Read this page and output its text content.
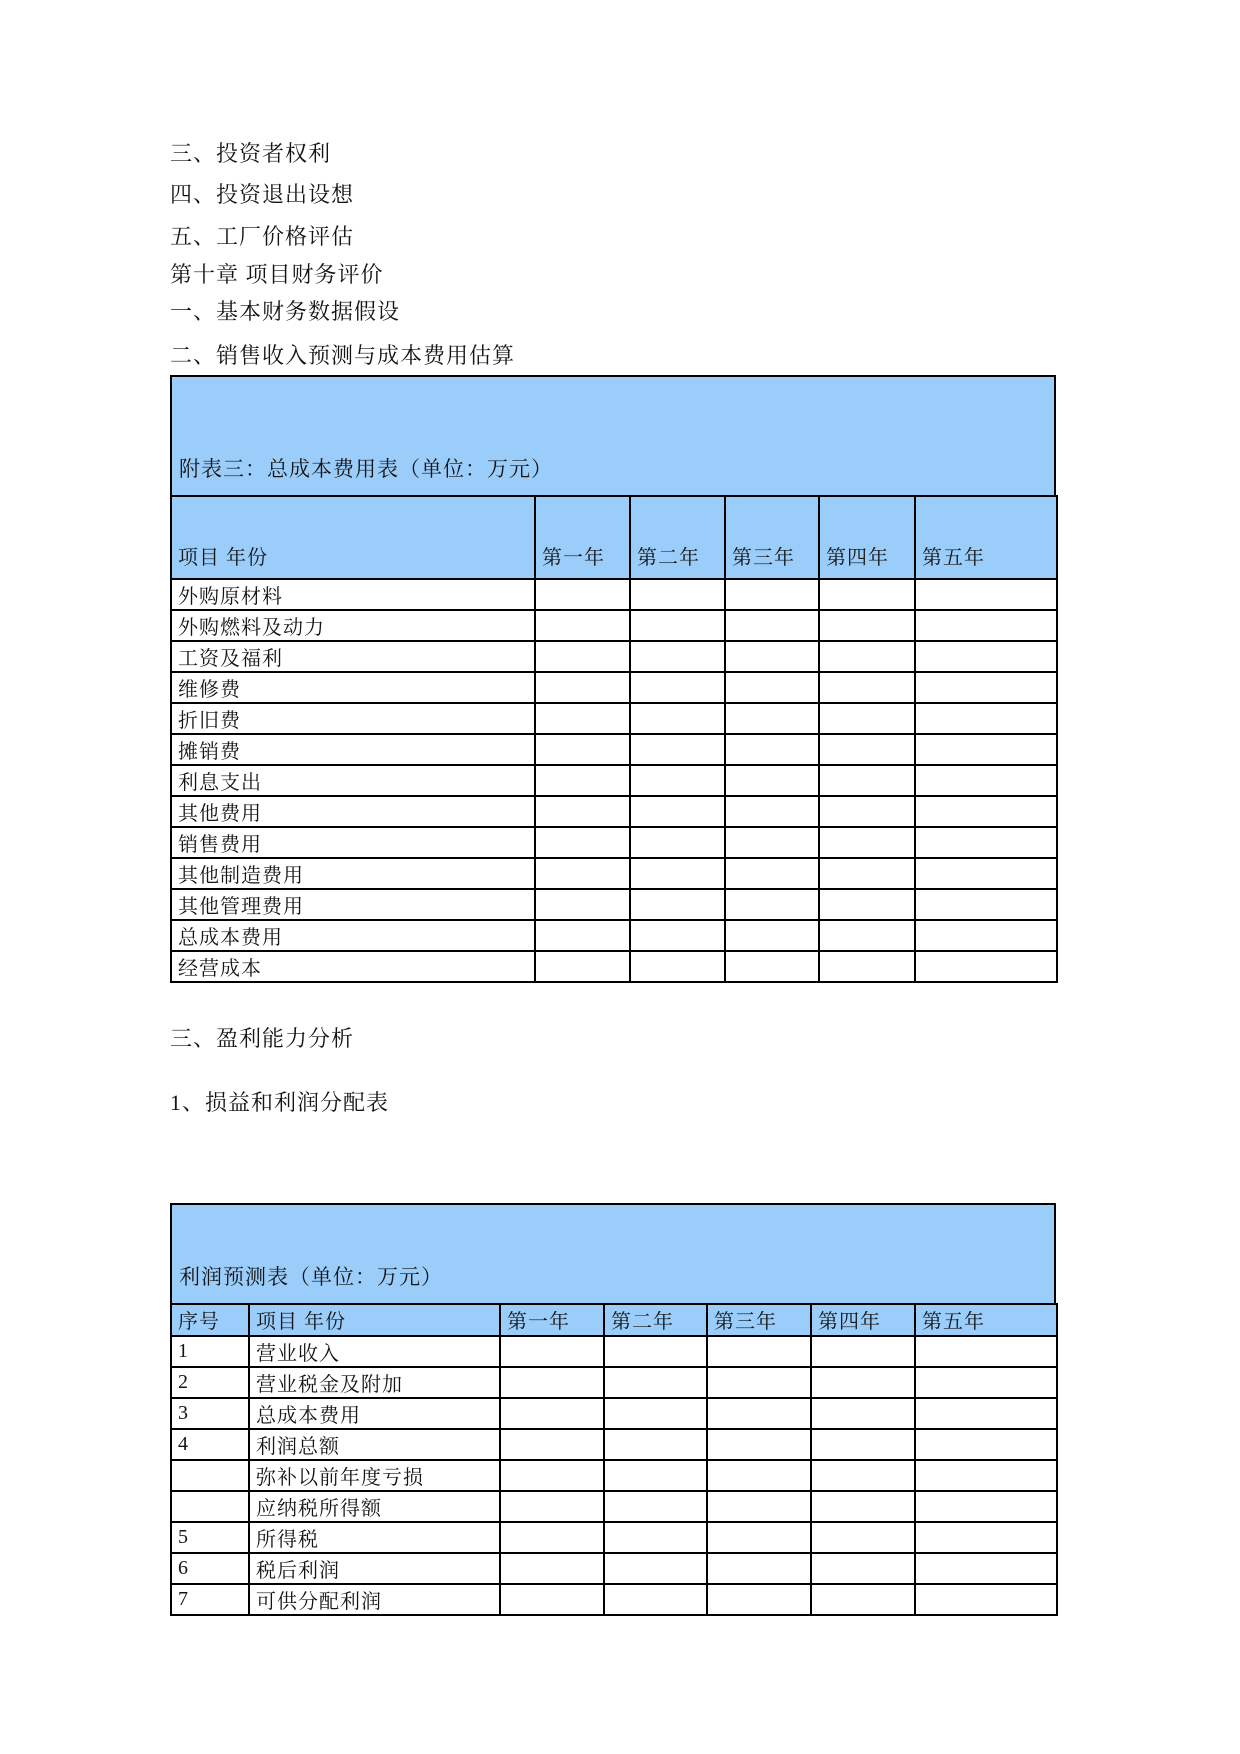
三、投资者权利
四、投资退出设想
五、工厂价格评估
第十章 项目财务评价
一、基本财务数据假设
二、销售收入预测与成本费用估算
附表三：总成本费用表（单位：万元）
项目 年份	第一年	第二年	第三年	第四年	第五年
外购原材料					
外购燃料及动力					
工资及福利					
维修费					
折旧费					
摊销费					
利息支出					
其他费用					
销售费用					
其他制造费用					
其他管理费用					
总成本费用					
经营成本					
三、盈利能力分析
1、损益和利润分配表
利润预测表（单位：万元）
序号	项目 年份	第一年	第二年	第三年	第四年	第五年
1	营业收入					
2	营业税金及附加					
3	总成本费用					
4	利润总额					
	弥补以前年度亏损					
	应纳税所得额					
5	所得税					
6	税后利润					
7	可供分配利润					
